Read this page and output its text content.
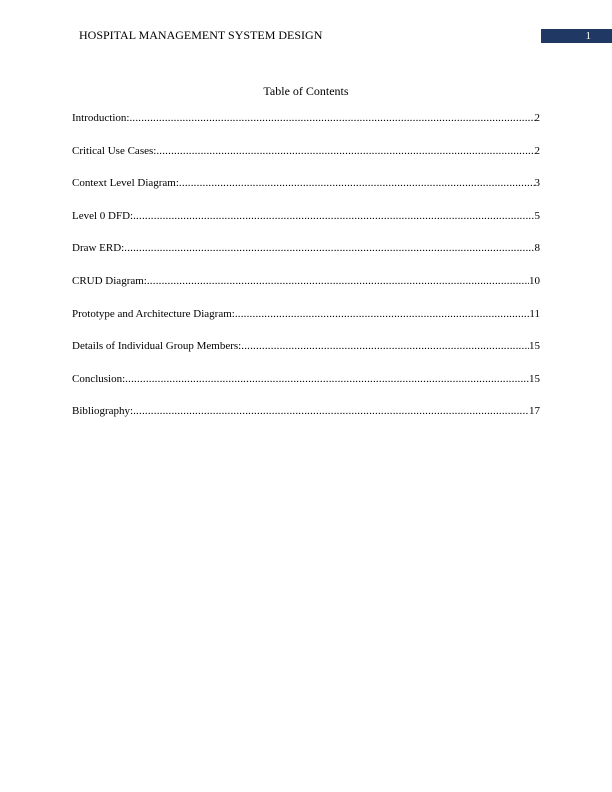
HOSPITAL MANAGEMENT SYSTEM DESIGN	1
Table of Contents
Introduction: .....	2
Critical Use Cases: .....	2
Context Level Diagram: .....	3
Level 0 DFD: .....	5
Draw ERD: .....	8
CRUD Diagram: .....	10
Prototype and Architecture Diagram: .....	11
Details of Individual Group Members: .....	15
Conclusion: .....	15
Bibliography: .....	17
